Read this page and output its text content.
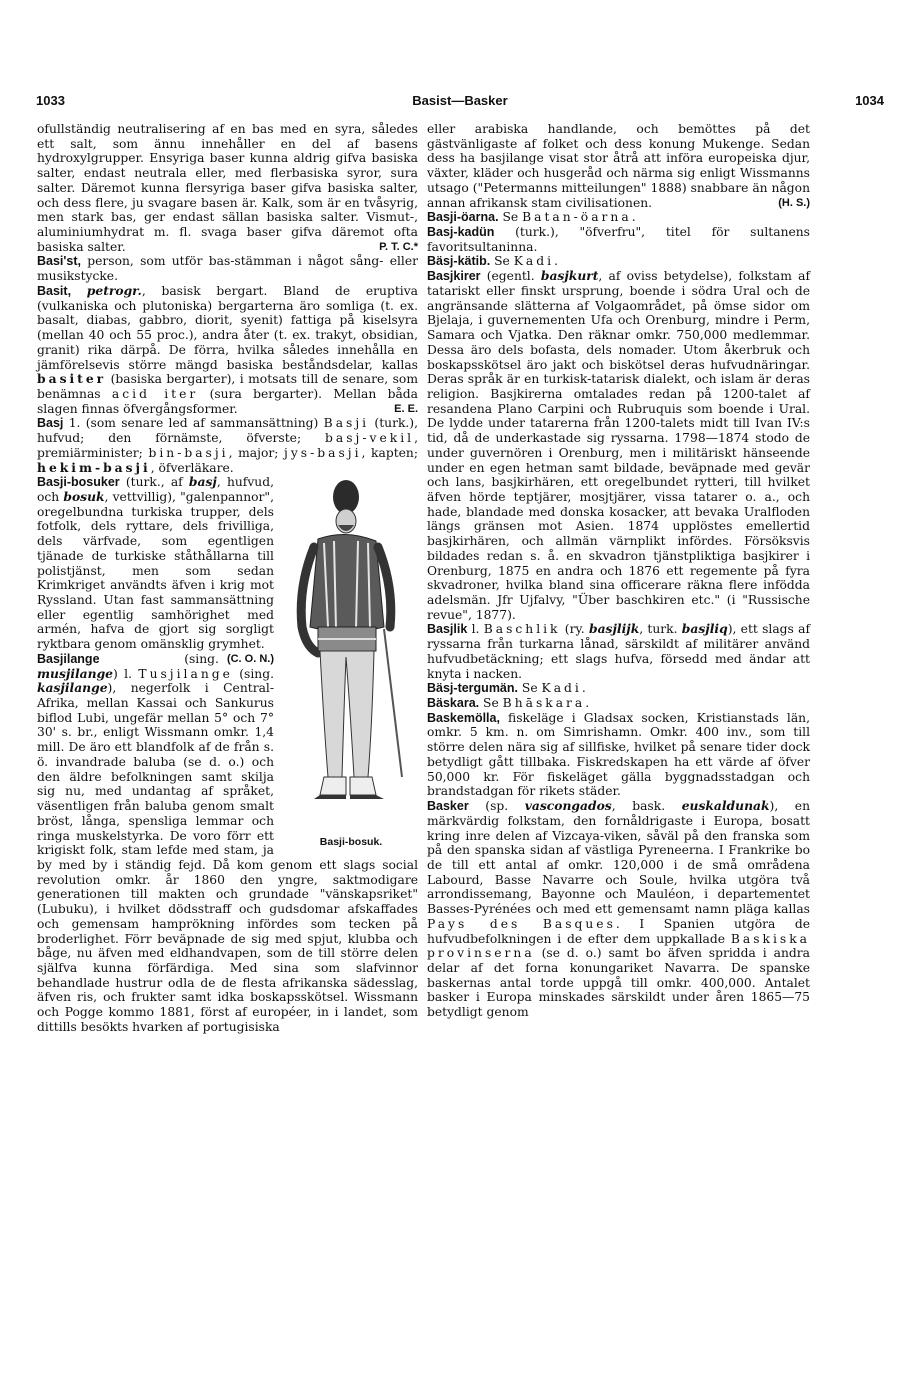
1033	Basist—Basker	1034

ofullständig neutralisering af en bas med en syra, således ett salt, som ännu innehåller en del af basens hydroxylgrupper. Ensyriga baser kunna aldrig gifva basiska salter, endast neutrala eller, med flerbasiska syror, sura salter. Däremot kunna flersyriga baser gifva basiska salter, och dess flere, ju svagare basen är. Kalk, som är en tvåsyrig, men stark bas, ger endast sällan basiska salter. Vismut-, aluminiumhydrat m. fl. svaga baser gifva däremot ofta basiska salter.	P. T. C.*

Basi'st, person, som utför bas-stämman i något sång- eller musikstycke.

Basit, petrogr., basisk bergart. Bland de eruptiva (vulkaniska och plutoniska) bergarterna äro somliga (t. ex. basalt, diabas, gabbro, diorit, syenit) fattiga på kiselsyra (mellan 40 och 55 proc.), andra åter (t. ex. trakyt, obsidian, granit) rika därpå. De förra, hvilka således innehålla en jämförelsevis större mängd basiska beståndsdelar, kallas basiter (basiska bergarter), i motsats till de senare, som benämnas acid iter (sura bergarter). Mellan båda slagen finnas öfvergångsformer.	E. E.

Basj 1. (som senare led af sammansättning) Basji (turk.), hufvud; den förnämste, öfverste; basj-vekil, premiärminister; bin-basji, major; jys-basji, kapten; hekim-basji, öfverläkare.

Basji-bosuk.

Basji-bosuker (turk., af basj, hufvud, och bosuk, vettvillig), "galenpannor", oregelbundna turkiska trupper, dels fotfolk, dels ryttare, dels frivilliga, dels värfvade, som egentligen tjänade de turkiske ståthållarna till polistjänst, men som sedan Krimkriget användts äfven i krig mot Ryssland. Utan fast sammansättning eller egentlig samhörighet med armén, hafva de gjort sig sorgligt ryktbara genom omänsklig grymhet.
(C. O. N.)

Basjilange (sing. musjilange) l. Tusjilange (sing. kasjilange), negerfolk i Central-Afrika, mellan Kassai och Sankurus biflod Lubi, ungefär mellan 5° och 7° 30' s. br., enligt Wissmann omkr. 1,4 mill. De äro ett blandfolk af de från s. ö. invandrade baluba (se d. o.) och den äldre befolkningen samt skilja sig nu, med undantag af språket, väsentligen från baluba genom smalt bröst, långa, spensliga lemmar och ringa muskelstyrka. De voro förr ett krigiskt folk, stam lefde med stam, ja by med by i ständig fejd. Då kom genom ett slags social revolution omkr. år 1860 den yngre, saktmodigare generationen till makten och grundade "vänskapsriket" (Lubuku), i hvilket dödsstraff och gudsdomar afskaffades och gemensam hamprökning infördes som tecken på broderlighet. Förr beväpnade de sig med spjut, klubba och båge, nu äfven med eldhandvapen, som de till större delen själfva kunna förfärdiga. Med sina som slafvinnor behandlade hustrur odla de de flesta afrikanska sädesslag, äfven ris, och frukter samt idka boskapsskötsel. Wissmann och Pogge kommo 1881, först af européer, in i landet, som dittills besökts hvarken af portugisiska

eller arabiska handlande, och bemöttes på det gästvänligaste af folket och dess konung Mukenge. Sedan dess ha basjilange visat stor åtrå att införa europeiska djur, växter, kläder och husgeråd och närma sig enligt Wissmanns utsago ("Petermanns mitteilungen" 1888) snabbare än någon annan afrikansk stam civilisationen.	(H. S.)

Basji-öarna. Se Batan-öarna.

Basj-kadün (turk.), "öfverfru", titel för sultanens favoritsultaninna.

Bäsj-kätib. Se Kadi.

Basjkirer (egentl. basjkurt, af oviss betydelse), folkstam af tatariskt eller finskt ursprung, boende i södra Ural och de angränsande slätterna af Volgaområdet, på ömse sidor om Bjelaja, i guvernementen Ufa och Orenburg, mindre i Perm, Samara och Vjatka. Den räknar omkr. 750,000 medlemmar. Dessa äro dels bofasta, dels nomader. Utom åkerbruk och boskapsskötsel äro jakt och biskötsel deras hufvudnäringar. Deras språk är en turkisk-tatarisk dialekt, och islam är deras religion. Basjkirerna omtalades redan på 1200-talet af resandena Plano Carpini och Rubruquis som boende i Ural. De lydde under tatarerna från 1200-talets midt till Ivan IV:s tid, då de underkastade sig ryssarna. 1798—1874 stodo de under guvernören i Orenburg, men i militäriskt hänseende under en egen hetman samt bildade, beväpnade med gevär och lans, basjkirhären, ett oregelbundet rytteri, till hvilket äfven hörde teptjärer, mosjtjärer, vissa tatarer o. a., och hade, blandade med donska kosacker, att bevaka Uralfloden längs gränsen mot Asien. 1874 upplöstes emellertid basjkirhären, och allmän värnplikt infördes. Försöksvis bildades redan s. å. en skvadron tjänstpliktiga basjkirer i Orenburg, 1875 en andra och 1876 ett regemente på fyra skvadroner, hvilka bland sina officerare räkna flere infödda adelsmän. Jfr Ujfalvy, "Über baschkiren etc." (i "Russische revue", 1877).

Basjlik l. Baschlik (ry. basjlijk, turk. basjliq), ett slags af ryssarna från turkarna lånad, särskildt af militärer använd hufvudbetäckning; ett slags hufva, försedd med ändar att knyta i nacken.

Bäsj-tergumän. Se Kadi.

Bäskara. Se Bhāskara.

Baskemölla, fiskeläge i Gladsax socken, Kristianstads län, omkr. 5 km. n. om Simrishamn. Omkr. 400 inv., som till större delen nära sig af sillfiske, hvilket på senare tider dock betydligt gått tillbaka. Fiskredskapen ha ett värde af öfver 50,000 kr. För fiskeläget gälla byggnadsstadgan och brandstadgan för rikets städer.

Basker (sp. vascongados, bask. euskaldunak), en märkvärdig folkstam, den fornåldrigaste i Europa, bosatt kring inre delen af Vizcaya-viken, såväl på den franska som på den spanska sidan af västliga Pyreneerna. I Frankrike bo de till ett antal af omkr. 120,000 i de små områdena Labourd, Basse Navarre och Soule, hvilka utgöra två arrondissemang, Bayonne och Mauléon, i departementet Basses-Pyrénées och med ett gemensamt namn pläga kallas Pays des Basques. I Spanien utgöra de hufvudbefolkningen i de efter dem uppkallade Baskiska provinserna (se d. o.) samt bo äfven spridda i andra delar af det forna konungariket Navarra. De spanske baskernas antal torde uppgå till omkr. 400,000. Antalet basker i Europa minskades särskildt under åren 1865—75 betydligt genom
